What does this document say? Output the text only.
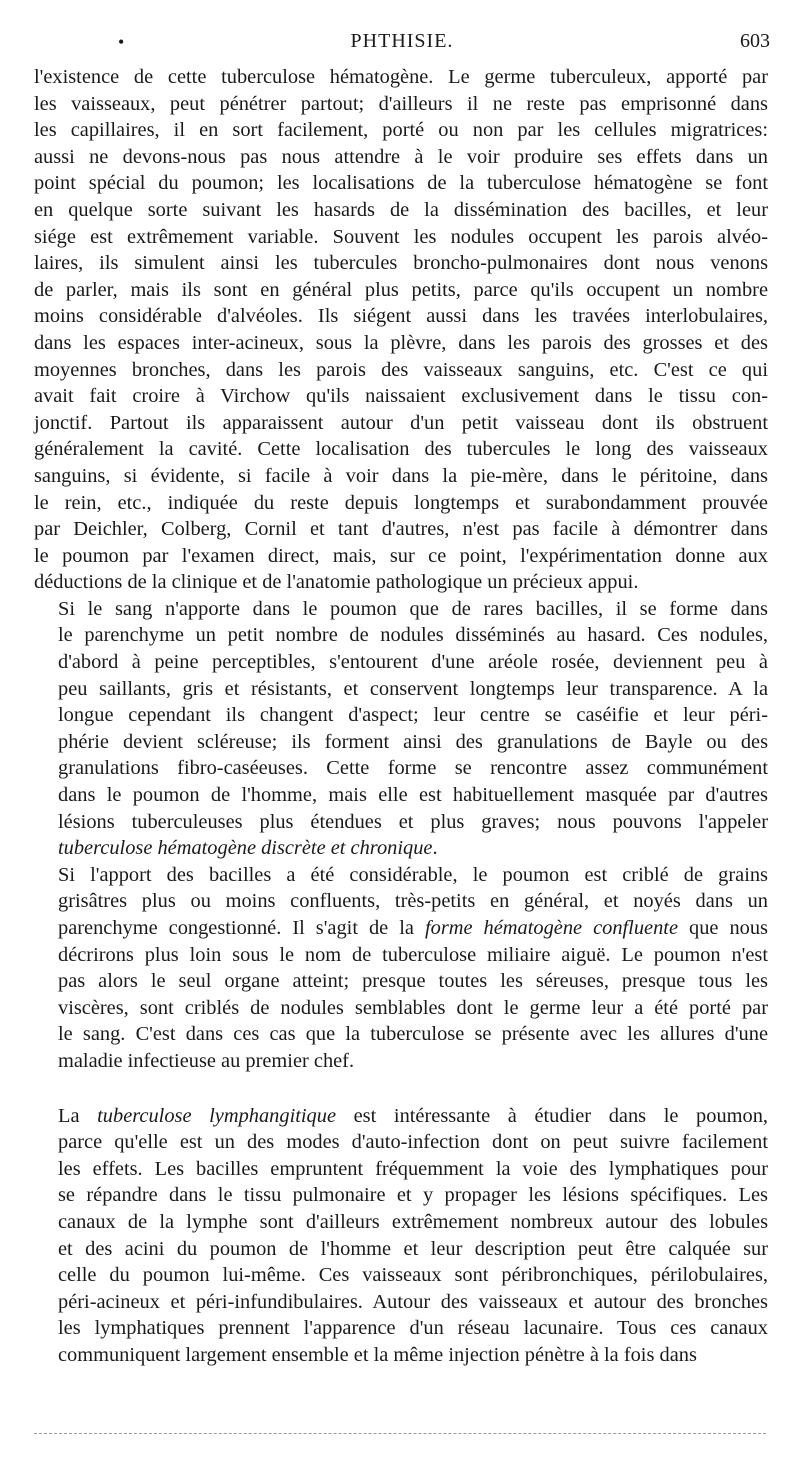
•	PHTHISIE.	603

l'existence de cette tuberculose hématogène. Le germe tuberculeux, apporté par
les vaisseaux, peut pénétrer partout; d'ailleurs il ne reste pas emprisonné dans
les capillaires, il en sort facilement, porté ou non par les cellules migratrices:
aussi ne devons-nous pas nous attendre à le voir produire ses effets dans un
point spécial du poumon; les localisations de la tuberculose hématogène se font
en quelque sorte suivant les hasards de la dissémination des bacilles, et leur
siége est extrêmement variable. Souvent les nodules occupent les parois alvéo-
laires, ils simulent ainsi les tubercules broncho-pulmonaires dont nous venons
de parler, mais ils sont en général plus petits, parce qu'ils occupent un nombre
moins considérable d'alvéoles. Ils siégent aussi dans les travées interlobulaires,
dans les espaces inter-acineux, sous la plèvre, dans les parois des grosses et des
moyennes bronches, dans les parois des vaisseaux sanguins, etc. C'est ce qui
avait fait croire à Virchow qu'ils naissaient exclusivement dans le tissu con-
jonctif. Partout ils apparaissent autour d'un petit vaisseau dont ils obstruent
généralement la cavité. Cette localisation des tubercules le long des vaisseaux
sanguins, si évidente, si facile à voir dans la pie-mère, dans le péritoine, dans
le rein, etc., indiquée du reste depuis longtemps et surabondamment prouvée
par Deichler, Colberg, Cornil et tant d'autres, n'est pas facile à démontrer dans
le poumon par l'examen direct, mais, sur ce point, l'expérimentation donne aux
déductions de la clinique et de l'anatomie pathologique un précieux appui.

Si le sang n'apporte dans le poumon que de rares bacilles, il se forme dans
le parenchyme un petit nombre de nodules disséminés au hasard. Ces nodules,
d'abord à peine perceptibles, s'entourent d'une aréole rosée, deviennent peu à
peu saillants, gris et résistants, et conservent longtemps leur transparence. A la
longue cependant ils changent d'aspect; leur centre se caséifie et leur péri-
phérie devient scléreuse; ils forment ainsi des granulations de Bayle ou des
granulations fibro-caséeuses. Cette forme se rencontre assez communément
dans le poumon de l'homme, mais elle est habituellement masquée par d'autres
lésions tuberculeuses plus étendues et plus graves; nous pouvons l'appeler
tuberculose hématogène discrète et chronique.

Si l'apport des bacilles a été considérable, le poumon est criblé de grains
grisâtres plus ou moins confluents, très-petits en général, et noyés dans un
parenchyme congestionné. Il s'agit de la forme hématogène confluente que nous
décrirons plus loin sous le nom de tuberculose miliaire aiguë. Le poumon n'est
pas alors le seul organe atteint; presque toutes les séreuses, presque tous les
viscères, sont criblés de nodules semblables dont le germe leur a été porté par
le sang. C'est dans ces cas que la tuberculose se présente avec les allures d'une
maladie infectieuse au premier chef.

La tuberculose lymphangitique est intéressante à étudier dans le poumon,
parce qu'elle est un des modes d'auto-infection dont on peut suivre facilement
les effets. Les bacilles empruntent fréquemment la voie des lymphatiques pour
se répandre dans le tissu pulmonaire et y propager les lésions spécifiques. Les
canaux de la lymphe sont d'ailleurs extrêmement nombreux autour des lobules
et des acini du poumon de l'homme et leur description peut être calquée sur
celle du poumon lui-même. Ces vaisseaux sont péribronchiques, périlobulaires,
péri-acineux et péri-infundibulaires. Autour des vaisseaux et autour des bronches
les lymphatiques prennent l'apparence d'un réseau lacunaire. Tous ces canaux
communiquent largement ensemble et la même injection pénètre à la fois dans
